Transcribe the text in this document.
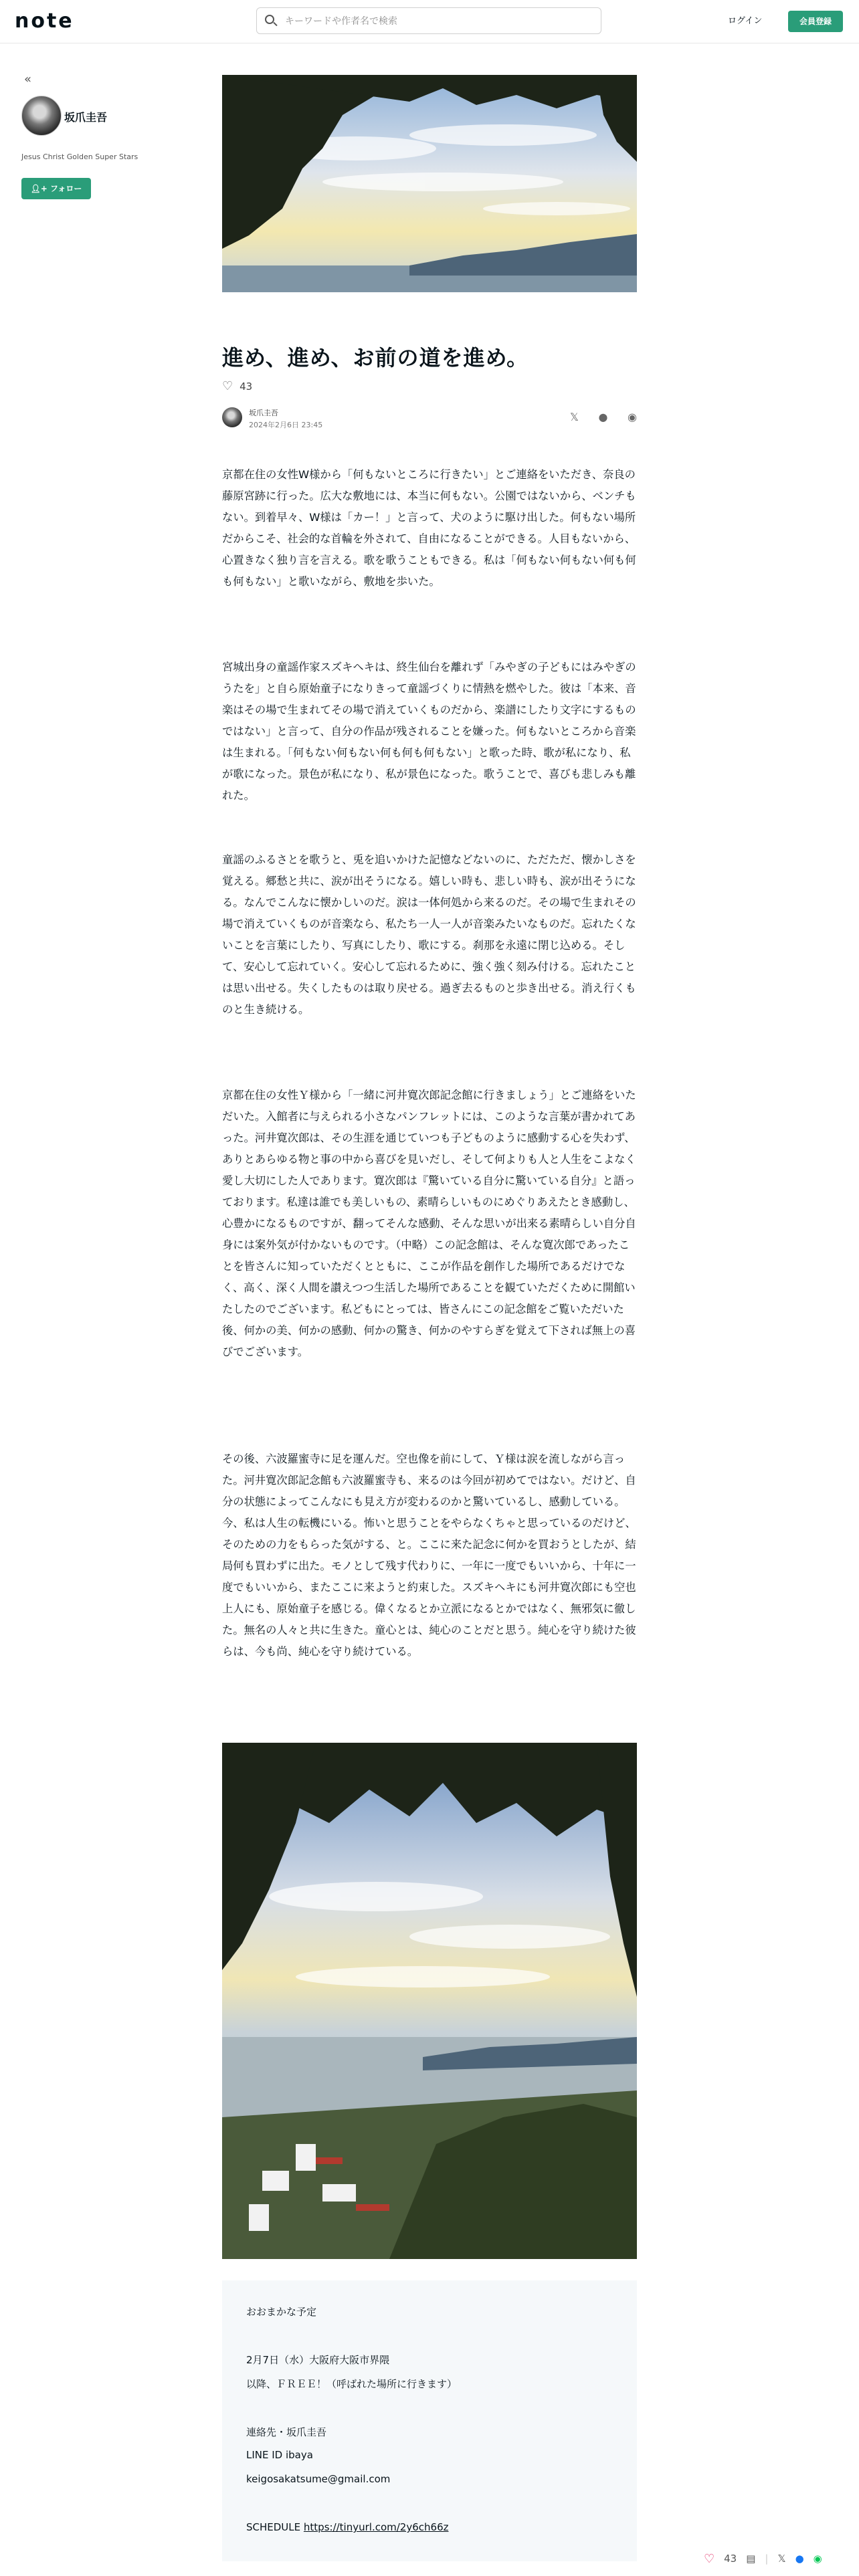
note
キーワードや作者名で検索	ログイン	会員登録
«
坂爪圭吾
Jesus Christ Golden Super Stars
👤︎+ フォロー
進め、進め、お前の道を進め。
♡ 43
坂爪圭吾
2024年2月6日 23:45
𝕏 ● ◉

京都在住の女性W様から「何もないところに行きたい」とご連絡をいただき、奈良の藤原宮跡に行った。広大な敷地には、本当に何もない。公園ではないから、ベンチもない。到着早々、W様は「カー！」と言って、犬のように駆け出した。何もない場所だからこそ、社会的な首輪を外されて、自由になることができる。人目もないから、心置きなく独り言を言える。歌を歌うこともできる。私は「何もない何もない何も何も何もない」と歌いながら、敷地を歩いた。

宮城出身の童謡作家スズキヘキは、終生仙台を離れず「みやぎの子どもにはみやぎのうたを」と自ら原始童子になりきって童謡づくりに情熱を燃やした。彼は「本来、音楽はその場で生まれてその場で消えていくものだから、楽譜にしたり文字にするものではない」と言って、自分の作品が残されることを嫌った。何もないところから音楽は生まれる。「何もない何もない何も何も何もない」と歌った時、歌が私になり、私が歌になった。景色が私になり、私が景色になった。歌うことで、喜びも悲しみも離れた。

童謡のふるさとを歌うと、兎を追いかけた記憶などないのに、ただただ、懐かしさを覚える。郷愁と共に、涙が出そうになる。嬉しい時も、悲しい時も、涙が出そうになる。なんでこんなに懐かしいのだ。涙は一体何処から来るのだ。その場で生まれその場で消えていくものが音楽なら、私たち一人一人が音楽みたいなものだ。忘れたくないことを言葉にしたり、写真にしたり、歌にする。刹那を永遠に閉じ込める。そして、安心して忘れていく。安心して忘れるために、強く強く刻み付ける。忘れたことは思い出せる。失くしたものは取り戻せる。過ぎ去るものと歩き出せる。消え行くものと生き続ける。

京都在住の女性Ｙ様から「一緒に河井寛次郎記念館に行きましょう」とご連絡をいただいた。入館者に与えられる小さなパンフレットには、このような言葉が書かれてあった。河井寛次郎は、その生涯を通じていつも子どものように感動する心を失わず、ありとあらゆる物と事の中から喜びを見いだし、そして何よりも人と人生をこよなく愛し大切にした人であります。寛次郎は『驚いている自分に驚いている自分』と語っております。私達は誰でも美しいもの、素晴らしいものにめぐりあえたとき感動し、心豊かになるものですが、翻ってそんな感動、そんな思いが出来る素晴らしい自分自身には案外気が付かないものです。（中略）この記念館は、そんな寛次郎であったことを皆さんに知っていただくとともに、ここが作品を創作した場所であるだけでなく、高く、深く人間を讃えつつ生活した場所であることを観ていただくために開館いたしたのでございます。私どもにとっては、皆さんにこの記念館をご覧いただいた後、何かの美、何かの感動、何かの驚き、何かのやすらぎを覚えて下されば無上の喜びでございます。

その後、六波羅蜜寺に足を運んだ。空也像を前にして、Ｙ様は涙を流しながら言った。河井寛次郎記念館も六波羅蜜寺も、来るのは今回が初めてではない。だけど、自分の状態によってこんなにも見え方が変わるのかと驚いているし、感動している。今、私は人生の転機にいる。怖いと思うことをやらなくちゃと思っているのだけど、そのための力をもらった気がする、と。ここに来た記念に何かを買おうとしたが、結局何も買わずに出た。モノとして残す代わりに、一年に一度でもいいから、十年に一度でもいいから、またここに来ようと約束した。スズキヘキにも河井寛次郎にも空也上人にも、原始童子を感じる。偉くなるとか立派になるとかではなく、無邪気に徹した。無名の人々と共に生きた。童心とは、純心のことだと思う。純心を守り続けた彼らは、今も尚、純心を守り続けている。

おおまかな予定
2月7日（水）大阪府大阪市界隈
以降、ＦＲＥＥ！（呼ばれた場所に行きます）
連絡先・坂爪圭吾
LINE ID ibaya
keigosakatsume@gmail.com
SCHEDULE https://tinyurl.com/2y6ch66z
♡ 43 ▤ | 𝕏 ● ◉
